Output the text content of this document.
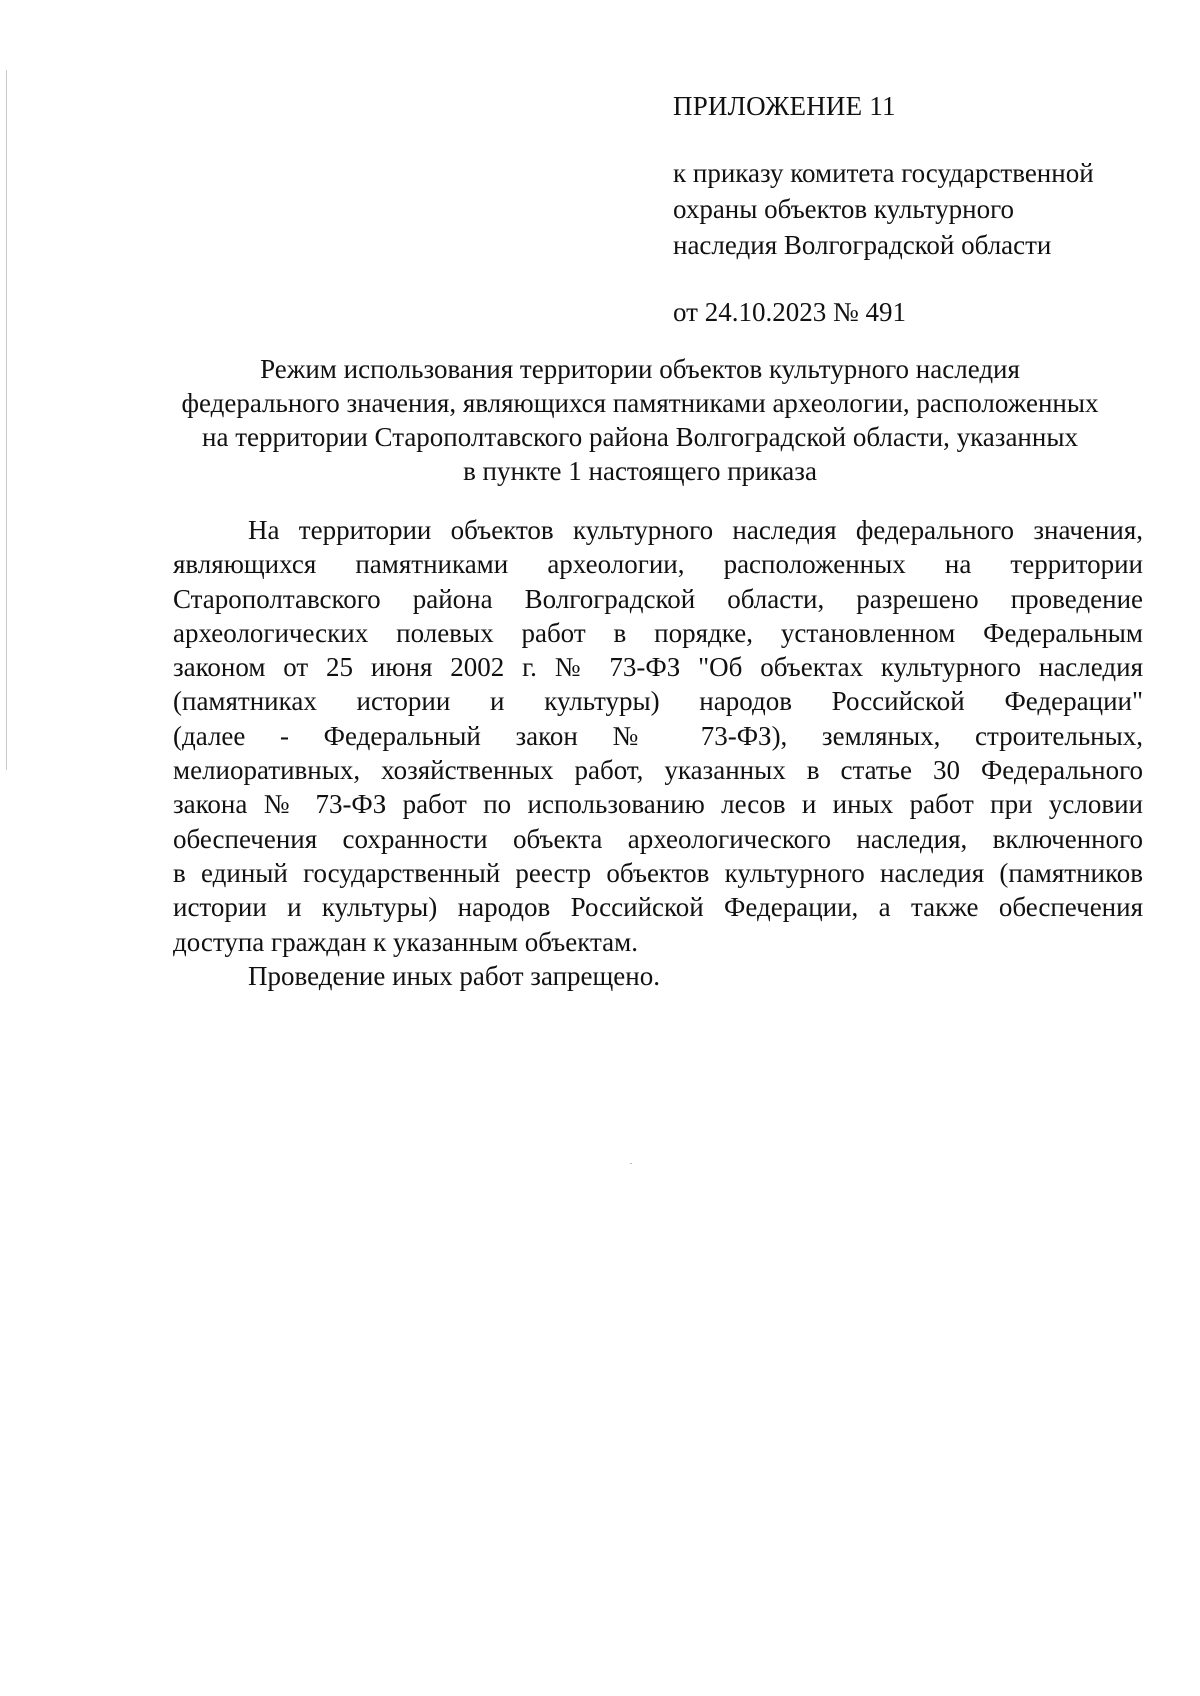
ПРИЛОЖЕНИЕ 11
к приказу комитета государственной
охраны объектов культурного
наследия Волгоградской области
от 24.10.2023 № 491
Режим использования территории объектов культурного наследия
федерального значения, являющихся памятниками археологии, расположенных
на территории Старополтавского района Волгоградской области, указанных
в пункте 1 настоящего приказа

На территории объектов культурного наследия федерального значения,
являющихся памятниками археологии, расположенных на территории
Старополтавского района Волгоградской области, разрешено проведение
археологических полевых работ в порядке, установленном Федеральным
законом от 25 июня 2002 г. № 73-ФЗ "Об объектах культурного наследия
(памятниках истории и культуры) народов Российской Федерации"
(далее - Федеральный закон № 73-ФЗ), земляных, строительных,
мелиоративных, хозяйственных работ, указанных в статье 30 Федерального
закона № 73-ФЗ работ по использованию лесов и иных работ при условии
обеспечения сохранности объекта археологического наследия, включенного
в единый государственный реестр объектов культурного наследия (памятников
истории и культуры) народов Российской Федерации, а также обеспечения
доступа граждан к указанным объектам.

Проведение иных работ запрещено.
